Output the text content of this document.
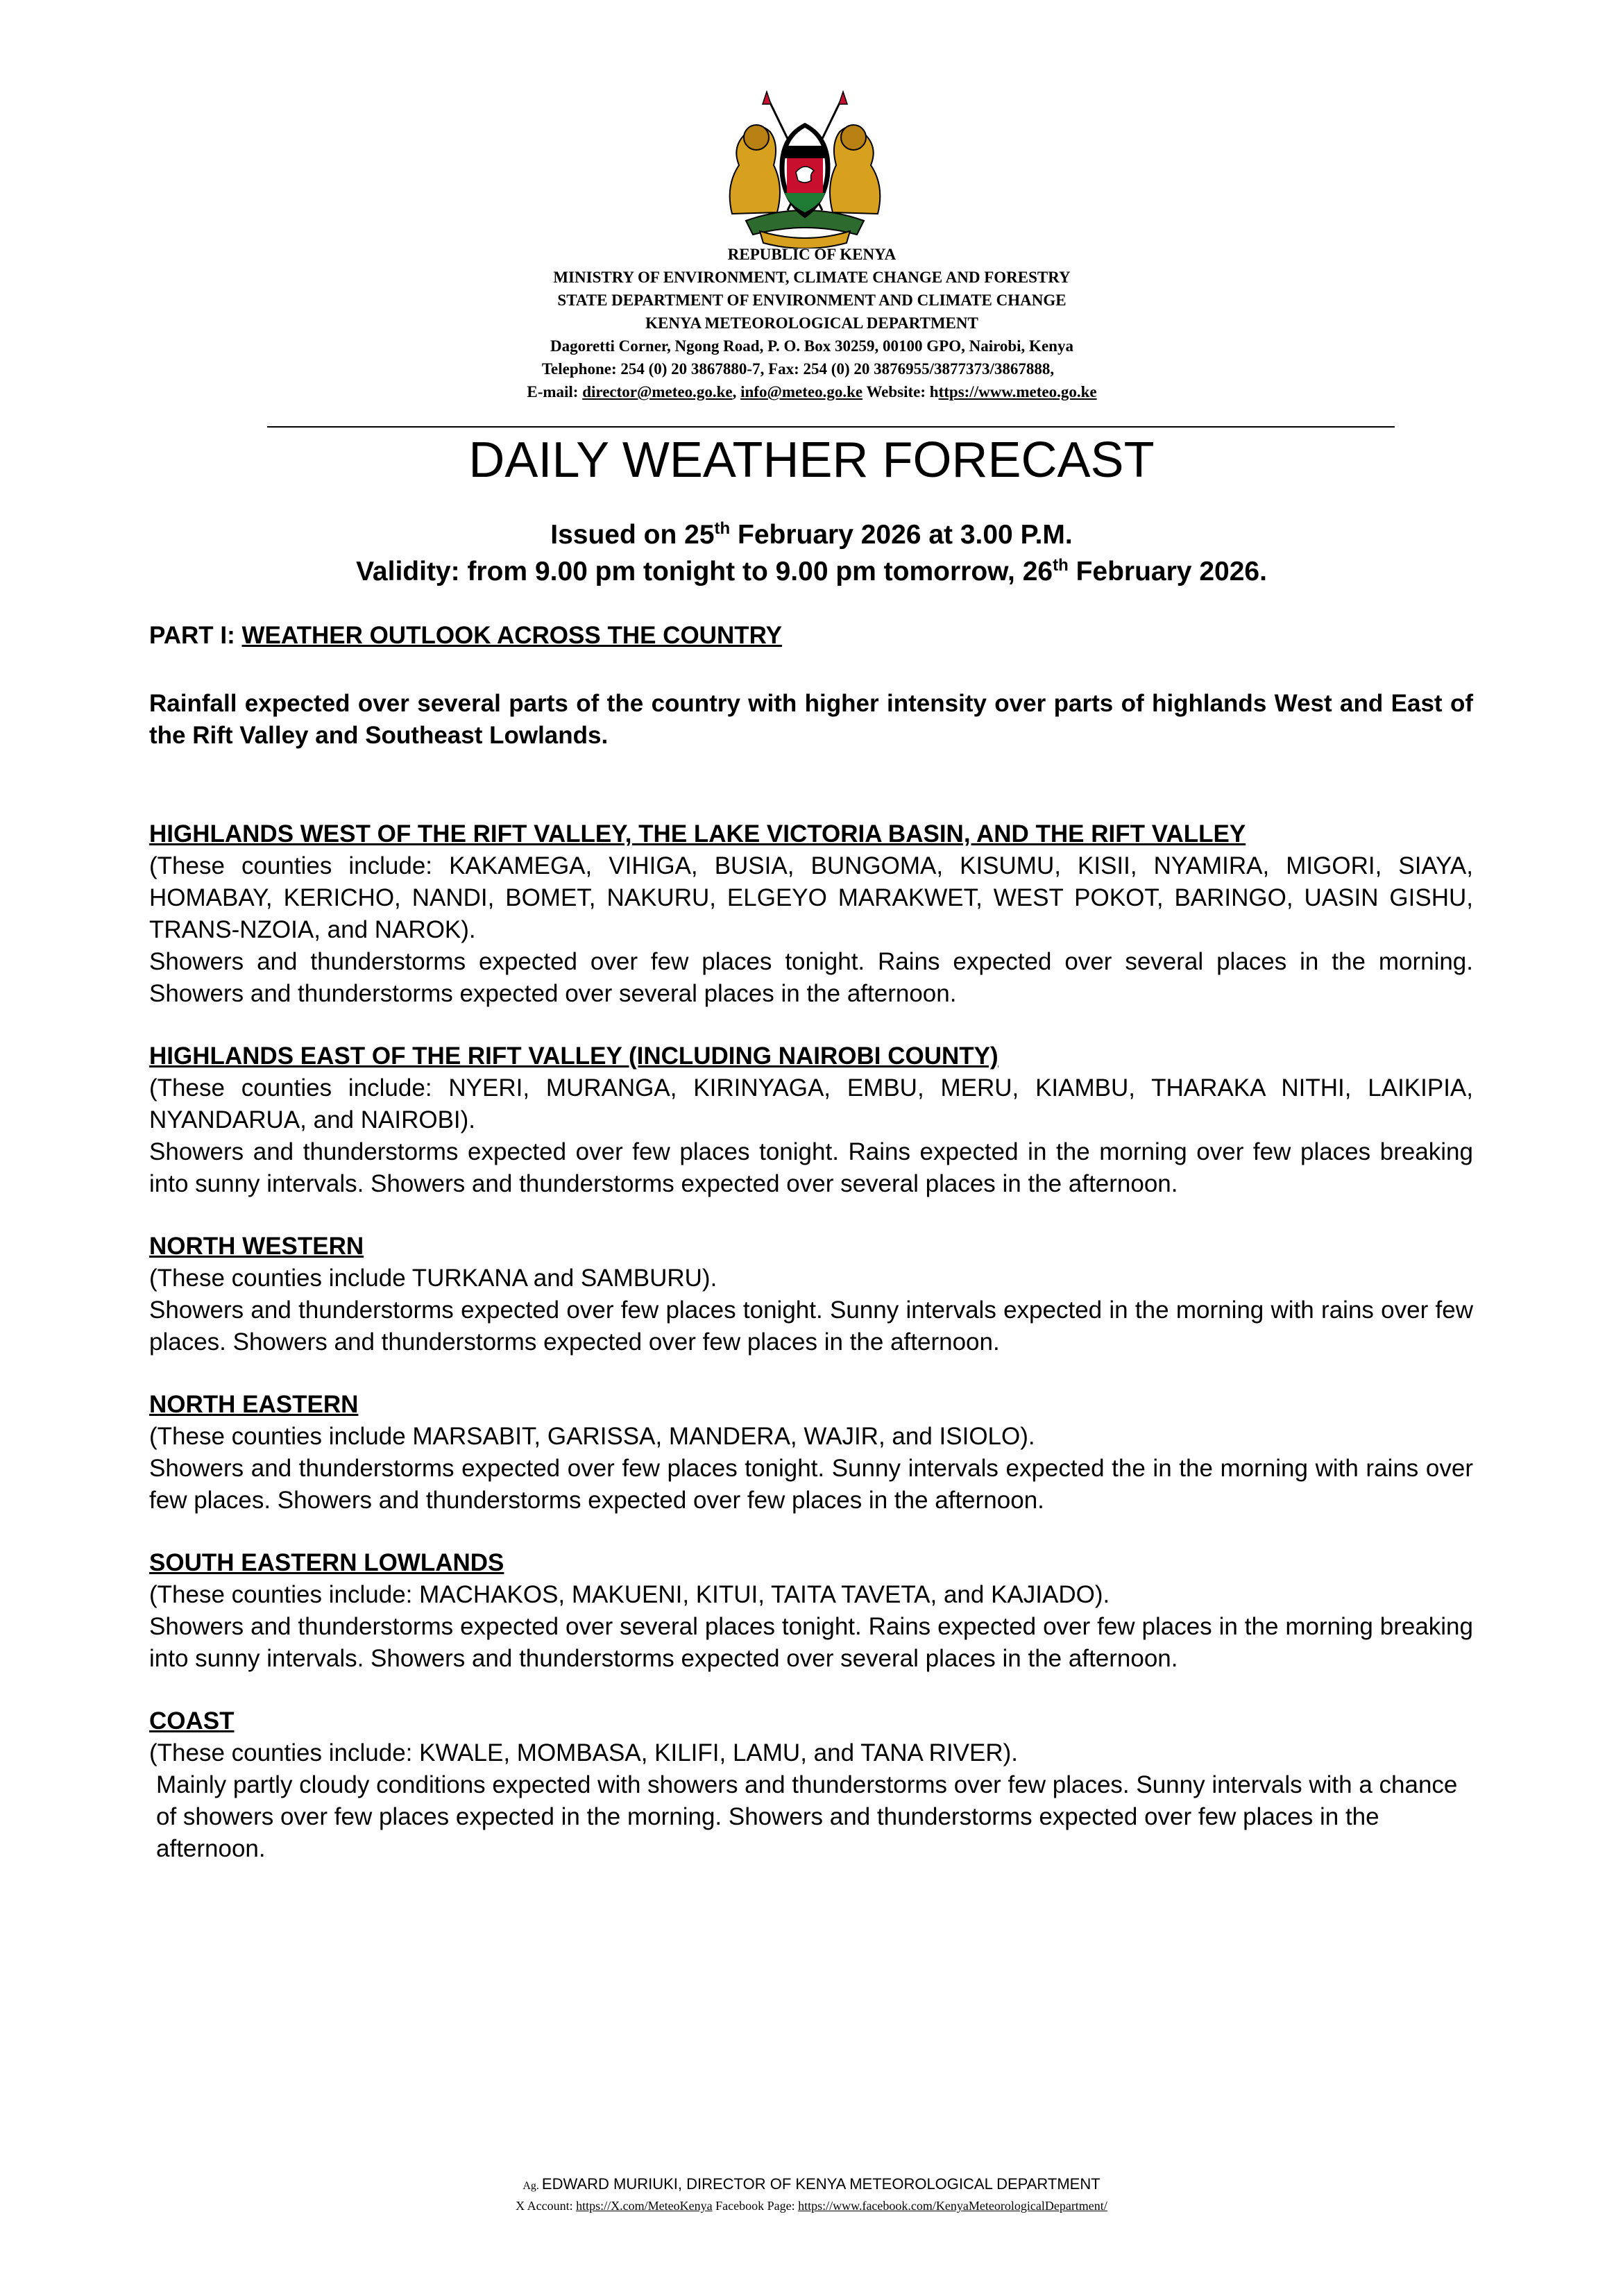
REPUBLIC OF KENYA
MINISTRY OF ENVIRONMENT, CLIMATE CHANGE AND FORESTRY
STATE DEPARTMENT OF ENVIRONMENT AND CLIMATE CHANGE
KENYA METEOROLOGICAL DEPARTMENT
Dagoretti Corner, Ngong Road, P. O. Box 30259, 00100 GPO, Nairobi, Kenya
Telephone: 254 (0) 20 3867880-7, Fax: 254 (0) 20 3876955/3877373/3867888,
E-mail: director@meteo.go.ke, info@meteo.go.ke Website: https://www.meteo.go.ke
DAILY WEATHER FORECAST
Issued on 25th February 2026 at 3.00 P.M.
Validity: from 9.00 pm tonight to 9.00 pm tomorrow, 26th February 2026.
PART I: WEATHER OUTLOOK ACROSS THE COUNTRY
Rainfall expected over several parts of the country with higher intensity over parts of highlands West and East of the Rift Valley and Southeast Lowlands.
HIGHLANDS WEST OF THE RIFT VALLEY, THE LAKE VICTORIA BASIN, AND THE RIFT VALLEY
(These counties include: KAKAMEGA, VIHIGA, BUSIA, BUNGOMA, KISUMU, KISII, NYAMIRA, MIGORI, SIAYA, HOMABAY, KERICHO, NANDI, BOMET, NAKURU, ELGEYO MARAKWET, WEST POKOT, BARINGO, UASIN GISHU, TRANS-NZOIA, and NAROK).
Showers and thunderstorms expected over few places tonight. Rains expected over several places in the morning. Showers and thunderstorms expected over several places in the afternoon.
HIGHLANDS EAST OF THE RIFT VALLEY (INCLUDING NAIROBI COUNTY)
(These counties include: NYERI, MURANGA, KIRINYAGA, EMBU, MERU, KIAMBU, THARAKA NITHI, LAIKIPIA, NYANDARUA, and NAIROBI).
Showers and thunderstorms expected over few places tonight. Rains expected in the morning over few places breaking into sunny intervals. Showers and thunderstorms expected over several places in the afternoon.
NORTH WESTERN
(These counties include TURKANA and SAMBURU).
Showers and thunderstorms expected over few places tonight. Sunny intervals expected in the morning with rains over few places. Showers and thunderstorms expected over few places in the afternoon.
NORTH EASTERN
(These counties include MARSABIT, GARISSA, MANDERA, WAJIR, and ISIOLO).
Showers and thunderstorms expected over few places tonight. Sunny intervals expected the in the morning with rains over few places. Showers and thunderstorms expected over few places in the afternoon.
SOUTH EASTERN LOWLANDS
(These counties include: MACHAKOS, MAKUENI, KITUI, TAITA TAVETA, and KAJIADO).
Showers and thunderstorms expected over several places tonight. Rains expected over few places in the morning breaking into sunny intervals. Showers and thunderstorms expected over several places in the afternoon.
COAST
(These counties include: KWALE, MOMBASA, KILIFI, LAMU, and TANA RIVER).
Mainly partly cloudy conditions expected with showers and thunderstorms over few places. Sunny intervals with a chance of showers over few places expected in the morning. Showers and thunderstorms expected over few places in the afternoon.
Ag. EDWARD MURIUKI, DIRECTOR OF KENYA METEOROLOGICAL DEPARTMENT
X Account: https://X.com/MeteoKenya Facebook Page: https://www.facebook.com/KenyaMeteorologicalDepartment/
